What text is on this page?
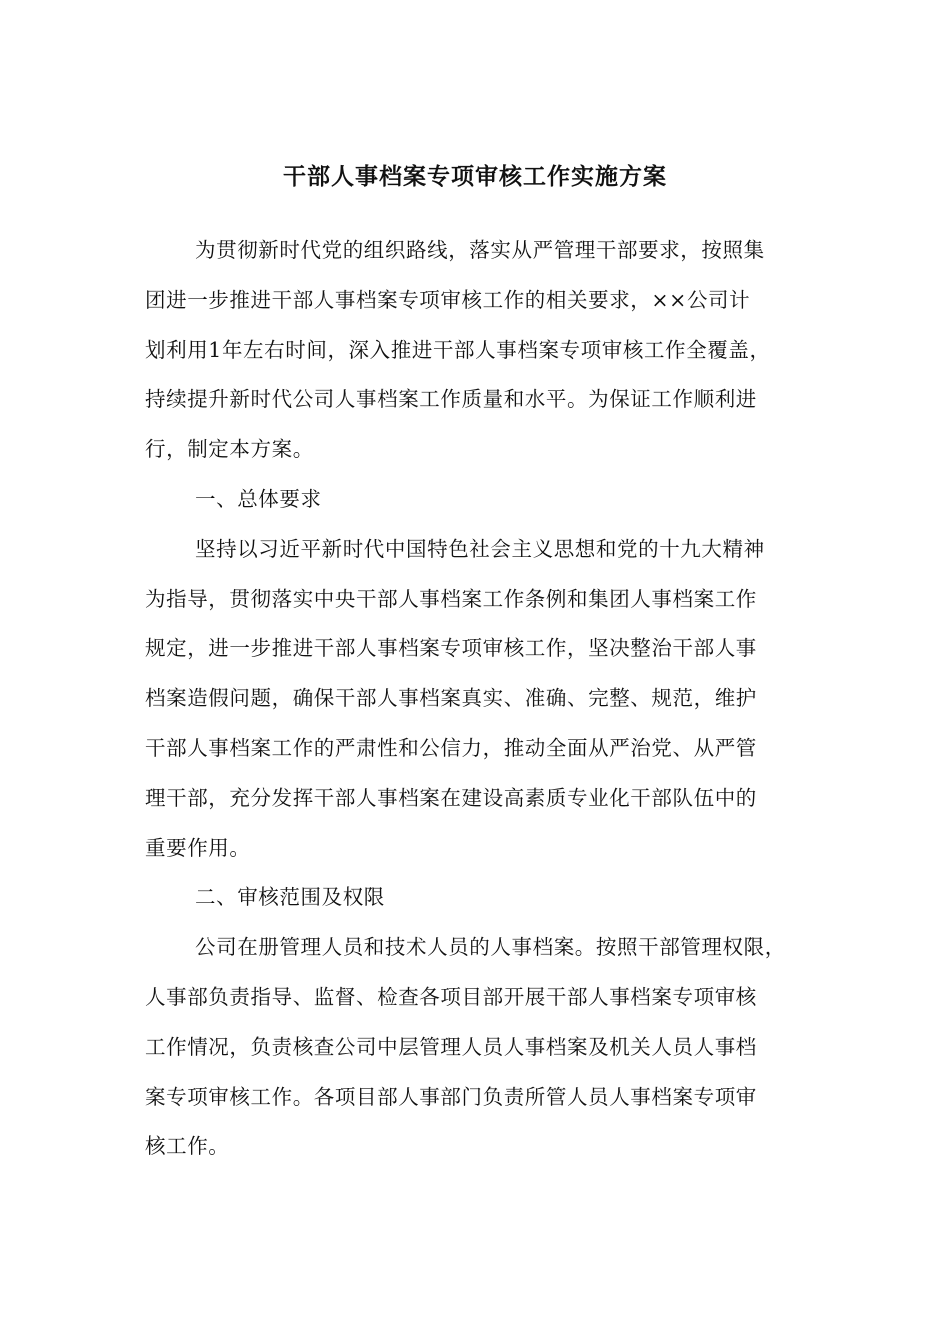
干部人事档案专项审核工作实施方案
为贯彻新时代党的组织路线，落实从严管理干部要求，按照集
团进一步推进干部人事档案专项审核工作的相关要求，××公司计
划利用1年左右时间，深入推进干部人事档案专项审核工作全覆盖，
持续提升新时代公司人事档案工作质量和水平。为保证工作顺利进
行，制定本方案。
一、总体要求
坚持以习近平新时代中国特色社会主义思想和党的十九大精神
为指导，贯彻落实中央干部人事档案工作条例和集团人事档案工作
规定，进一步推进干部人事档案专项审核工作，坚决整治干部人事
档案造假问题，确保干部人事档案真实、准确、完整、规范，维护
干部人事档案工作的严肃性和公信力，推动全面从严治党、从严管
理干部，充分发挥干部人事档案在建设高素质专业化干部队伍中的
重要作用。
二、审核范围及权限
公司在册管理人员和技术人员的人事档案。按照干部管理权限，
人事部负责指导、监督、检查各项目部开展干部人事档案专项审核
工作情况，负责核查公司中层管理人员人事档案及机关人员人事档
案专项审核工作。各项目部人事部门负责所管人员人事档案专项审
核工作。
